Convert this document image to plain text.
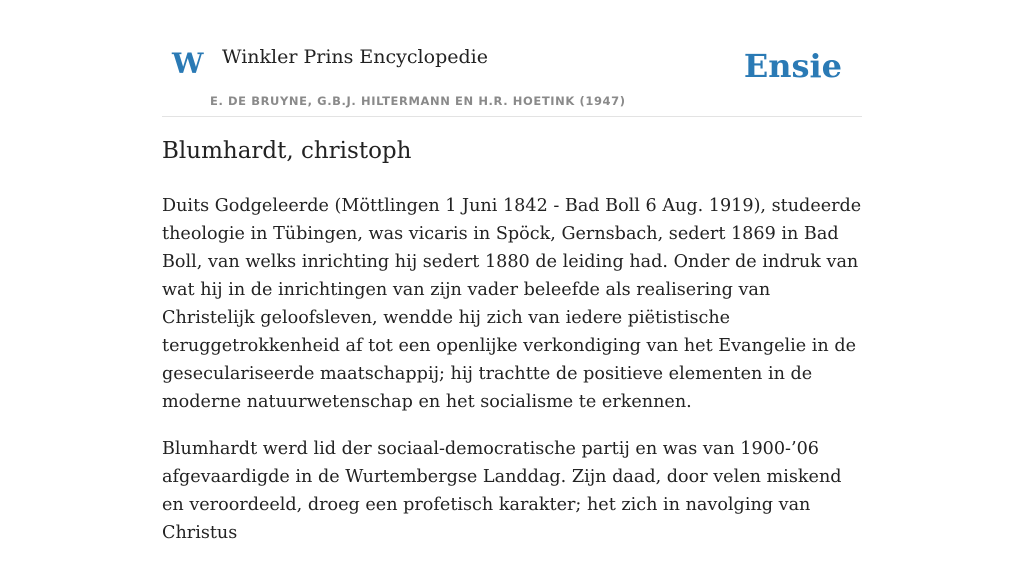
W Winkler Prins Encyclopedie
E. DE BRUYNE, G.B.J. HILTERMANN EN H.R. HOETINK (1947)
Ensie
Blumhardt, christoph

Duits Godgeleerde (Möttlingen 1 Juni 1842 - Bad Boll 6 Aug. 1919), studeerde theologie in Tübingen, was vicaris in Spöck, Gernsbach, sedert 1869 in Bad Boll, van welks inrichting hij sedert 1880 de leiding had. Onder de indruk van wat hij in de inrichtingen van zijn vader beleefde als realisering van Christelijk geloofsleven, wendde hij zich van iedere piëtistische teruggetrokkenheid af tot een openlijke verkondiging van het Evangelie in de geseculariseerde maatschappij; hij trachtte de positieve elementen in de moderne natuurwetenschap en het socialisme te erkennen.

Blumhardt werd lid der sociaal-democratische partij en was van 1900-’06 afgevaardigde in de Wurtembergse Landdag. Zijn daad, door velen miskend en veroordeeld, droeg een profetisch karakter; het zich in navolging van Christus
